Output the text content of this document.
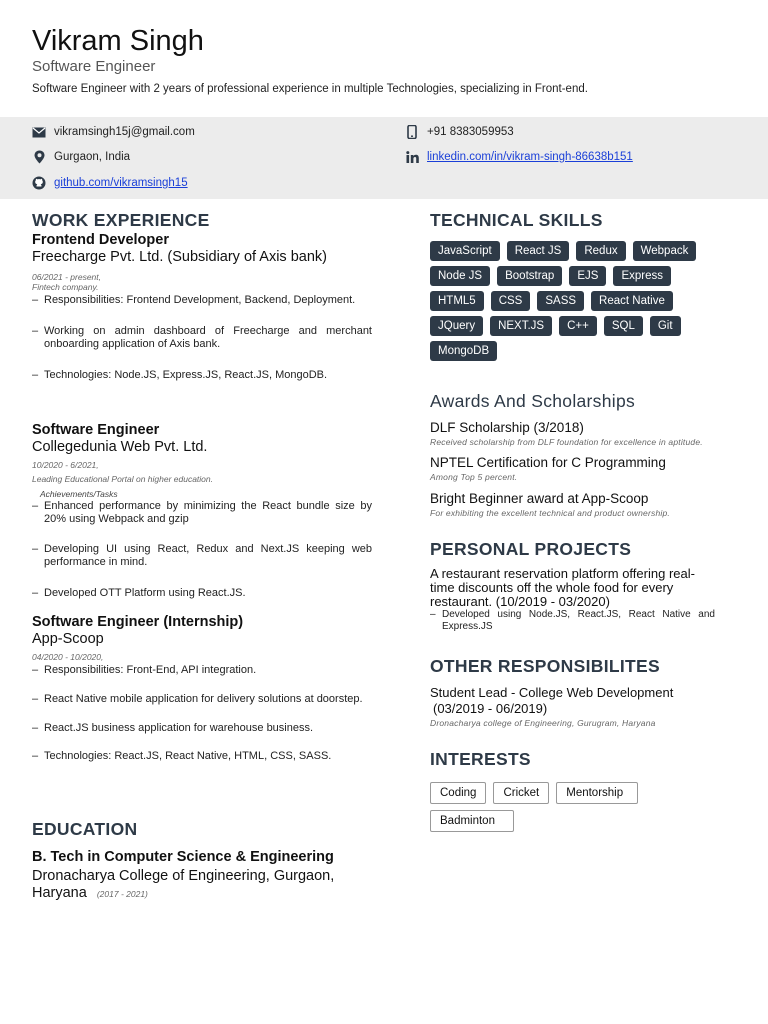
Vikram Singh
Software Engineer
Software Engineer with 2 years of professional experience in multiple Technologies, specializing in Front-end.
vikramsingh15j@gmail.com	+91 8383059953
Gurgaon, India	linkedin.com/in/vikram-singh-86638b151
github.com/vikramsingh15
WORK EXPERIENCE
Frontend Developer
Freecharge Pvt. Ltd. (Subsidiary of Axis bank)
06/2021 - present,
Fintech company.
– Responsibilities: Frontend Development, Backend, Deployment.
– Working on admin dashboard of Freecharge and merchant onboarding application of Axis bank.
– Technologies: Node.JS, Express.JS, React.JS, MongoDB.
Software Engineer
Collegedunia Web Pvt. Ltd.
10/2020 - 6/2021,
Leading Educational Portal on higher education.
Achievements/Tasks
– Enhanced performance by minimizing the React bundle size by 20% using Webpack and gzip
– Developing UI using React, Redux and Next.JS keeping web performance in mind.
– Developed OTT Platform using React.JS.
Software Engineer (Internship)
App-Scoop
04/2020 - 10/2020,
– Responsibilities: Front-End, API integration.
– React Native mobile application for delivery solutions at doorstep.
– React.JS business application for warehouse business.
– Technologies: React.JS, React Native, HTML, CSS, SASS.
EDUCATION
B. Tech in Computer Science & Engineering
Dronacharya College of Engineering, Gurgaon,
Haryana (2017 - 2021)
TECHNICAL SKILLS
JavaScript	React JS	Redux	Webpack
Node JS	Bootstrap	EJS	Express
HTML5	CSS	SASS	React Native
JQuery	NEXT.JS	C++	SQL	Git
MongoDB
Awards And Scholarships
DLF Scholarship (3/2018)
Received scholarship from DLF foundation for excellence in aptitude.
NPTEL Certification for C Programming
Among Top 5 percent.
Bright Beginner award at App-Scoop
For exhibiting the excellent technical and product ownership.
PERSONAL PROJECTS
A restaurant reservation platform offering real-time discounts off the whole food for every restaurant. (10/2019 - 03/2020)
– Developed using Node.JS, React.JS, React Native and Express.JS
OTHER RESPONSIBILITES
Student Lead - College Web Development
(03/2019 - 06/2019)
Dronacharya college of Engineering, Gurugram, Haryana
INTERESTS
Coding	Cricket	Mentorship
Badminton
